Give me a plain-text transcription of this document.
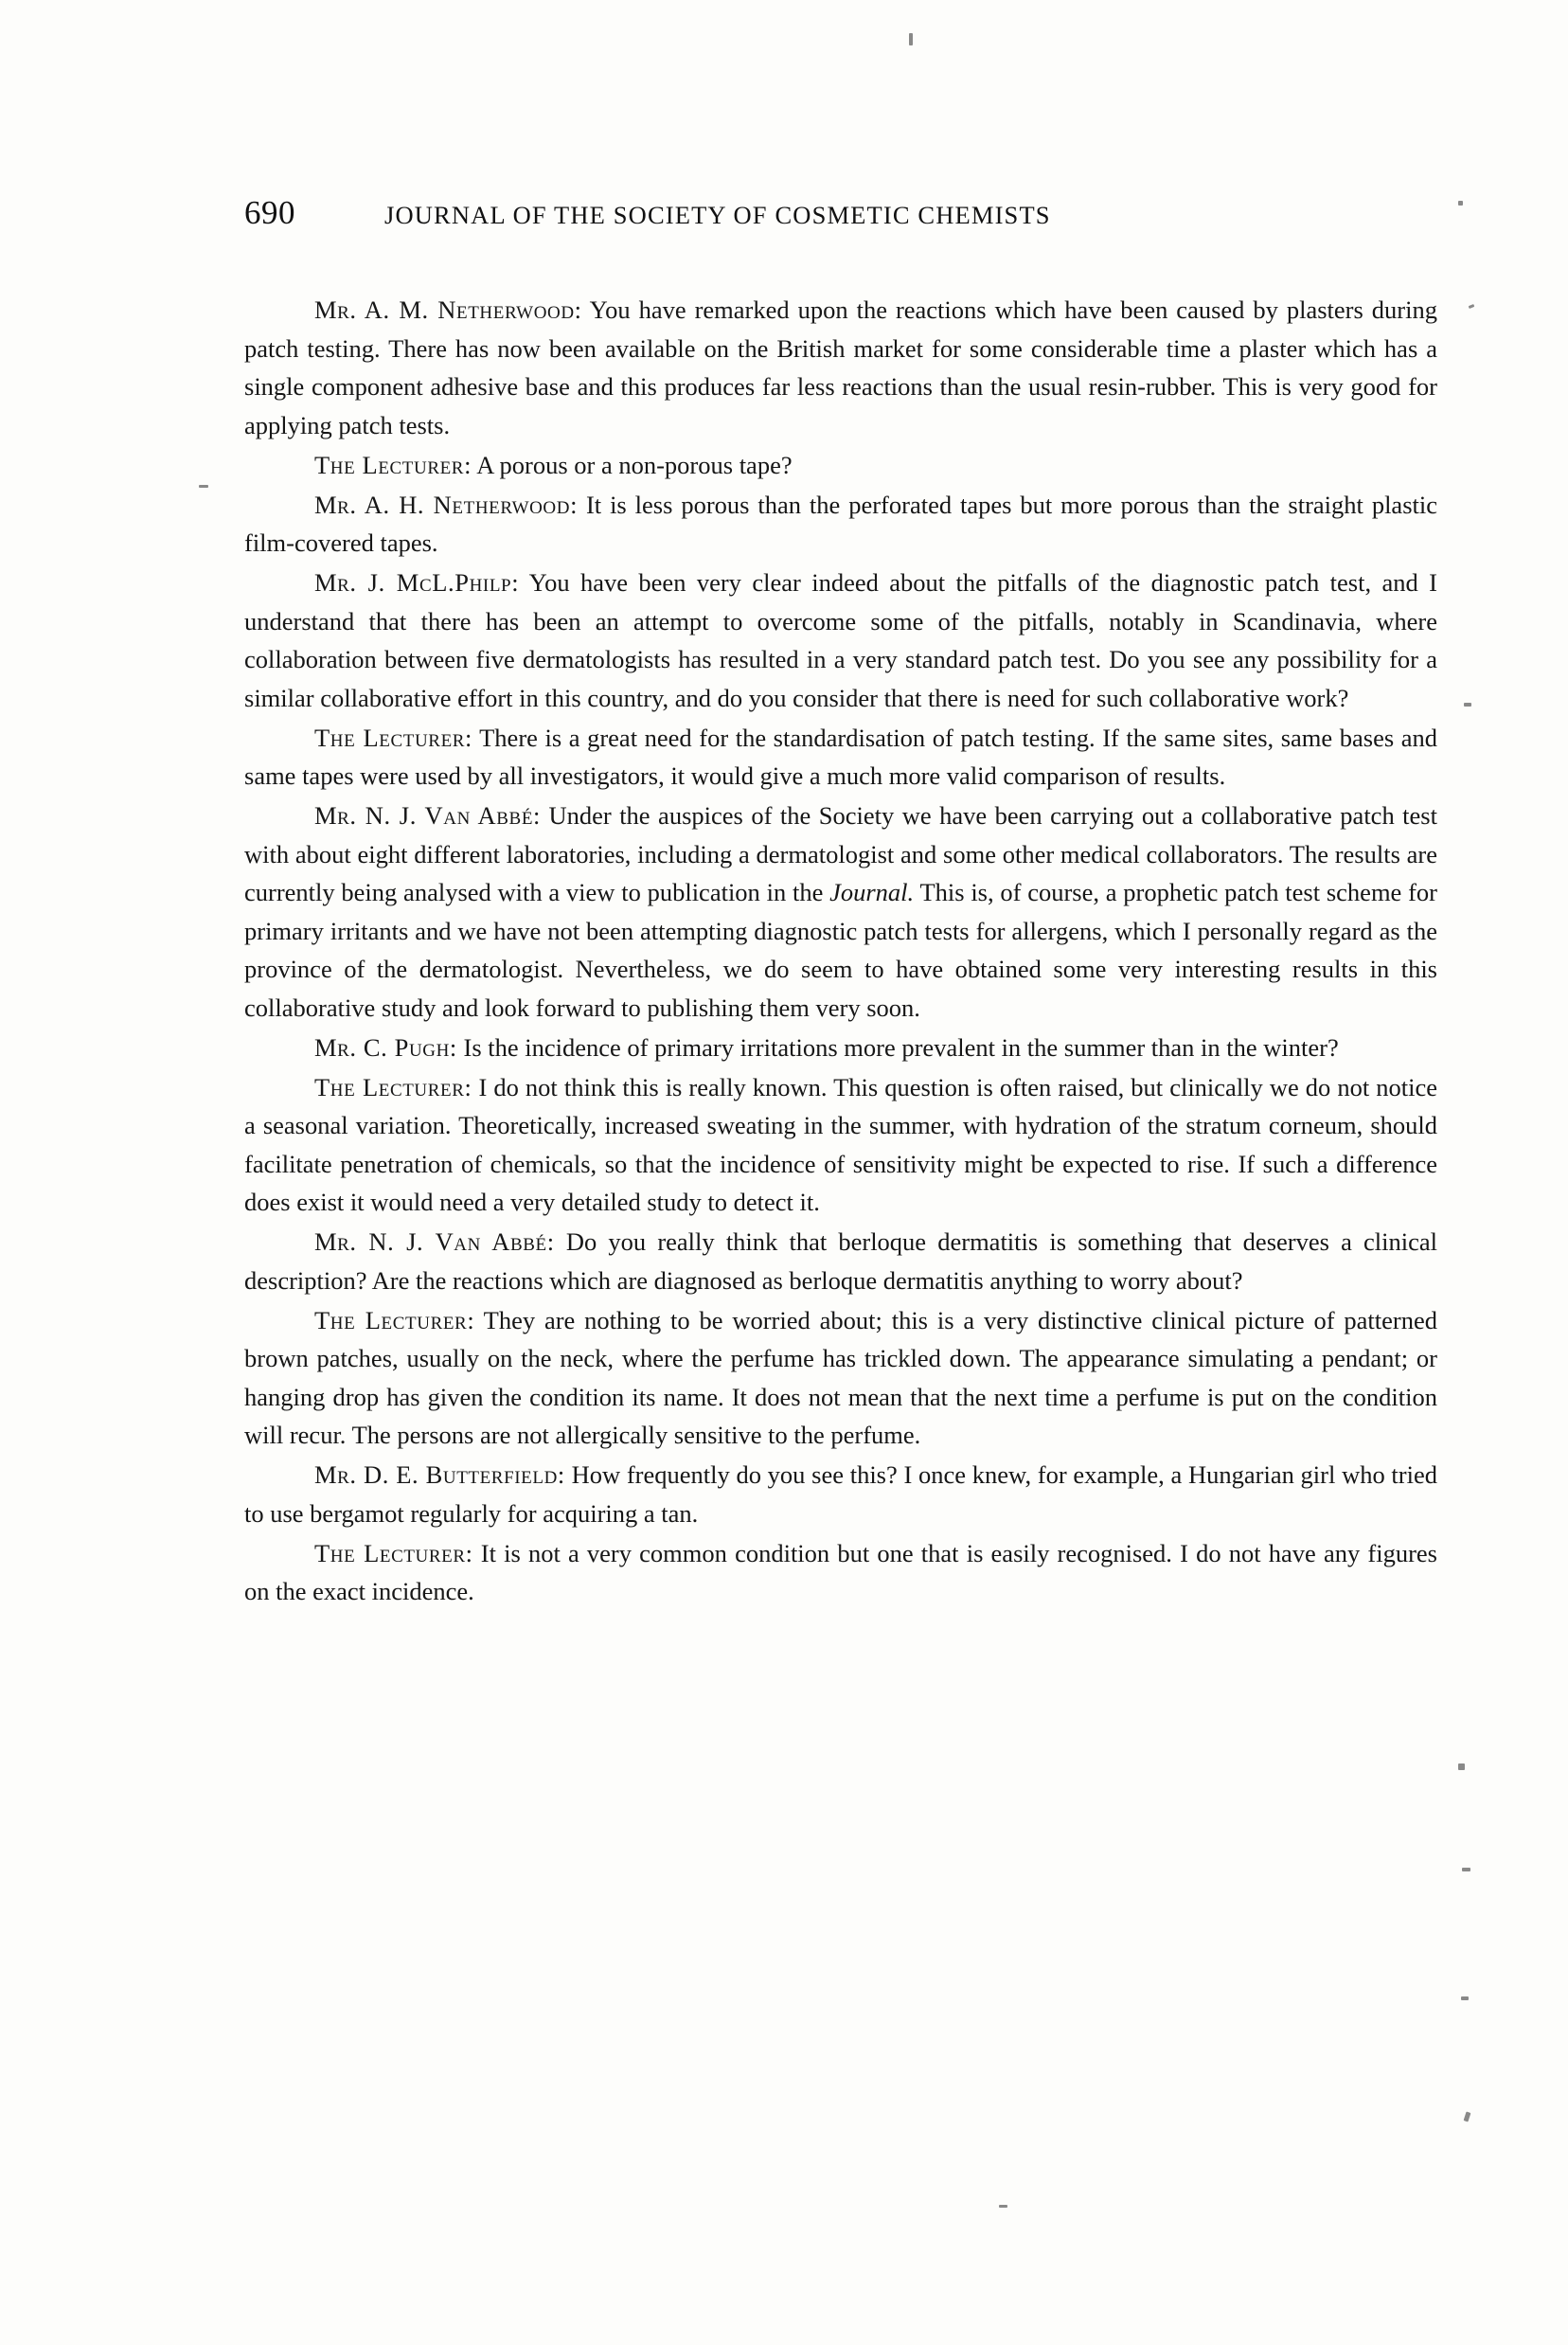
690	JOURNAL OF THE SOCIETY OF COSMETIC CHEMISTS

Mr. A. M. Netherwood: You have remarked upon the reactions which have been caused by plasters during patch testing. There has now been available on the British market for some considerable time a plaster which has a single component adhesive base and this produces far less reactions than the usual resin-rubber. This is very good for applying patch tests.

The Lecturer: A porous or a non-porous tape?

Mr. A. H. Netherwood: It is less porous than the perforated tapes but more porous than the straight plastic film-covered tapes.

Mr. J. McL.Philp: You have been very clear indeed about the pitfalls of the diagnostic patch test, and I understand that there has been an attempt to overcome some of the pitfalls, notably in Scandinavia, where collaboration between five dermatologists has resulted in a very standard patch test. Do you see any possibility for a similar collaborative effort in this country, and do you consider that there is need for such collaborative work?

The Lecturer: There is a great need for the standardisation of patch testing. If the same sites, same bases and same tapes were used by all investigators, it would give a much more valid comparison of results.

Mr. N. J. Van Abbé: Under the auspices of the Society we have been carrying out a collaborative patch test with about eight different laboratories, including a dermatologist and some other medical collaborators. The results are currently being analysed with a view to publication in the Journal. This is, of course, a prophetic patch test scheme for primary irritants and we have not been attempting diagnostic patch tests for allergens, which I personally regard as the province of the dermatologist. Nevertheless, we do seem to have obtained some very interesting results in this collaborative study and look forward to publishing them very soon.

Mr. C. Pugh: Is the incidence of primary irritations more prevalent in the summer than in the winter?

The Lecturer: I do not think this is really known. This question is often raised, but clinically we do not notice a seasonal variation. Theoretically, increased sweating in the summer, with hydration of the stratum corneum, should facilitate penetration of chemicals, so that the incidence of sensitivity might be expected to rise. If such a difference does exist it would need a very detailed study to detect it.

Mr. N. J. Van Abbé: Do you really think that berloque dermatitis is something that deserves a clinical description? Are the reactions which are diagnosed as berloque dermatitis anything to worry about?

The Lecturer: They are nothing to be worried about; this is a very distinctive clinical picture of patterned brown patches, usually on the neck, where the perfume has trickled down. The appearance simulating a pendant; or hanging drop has given the condition its name. It does not mean that the next time a perfume is put on the condition will recur. The persons are not allergically sensitive to the perfume.

Mr. D. E. Butterfield: How frequently do you see this? I once knew, for example, a Hungarian girl who tried to use bergamot regularly for acquiring a tan.

The Lecturer: It is not a very common condition but one that is easily recognised. I do not have any figures on the exact incidence.
